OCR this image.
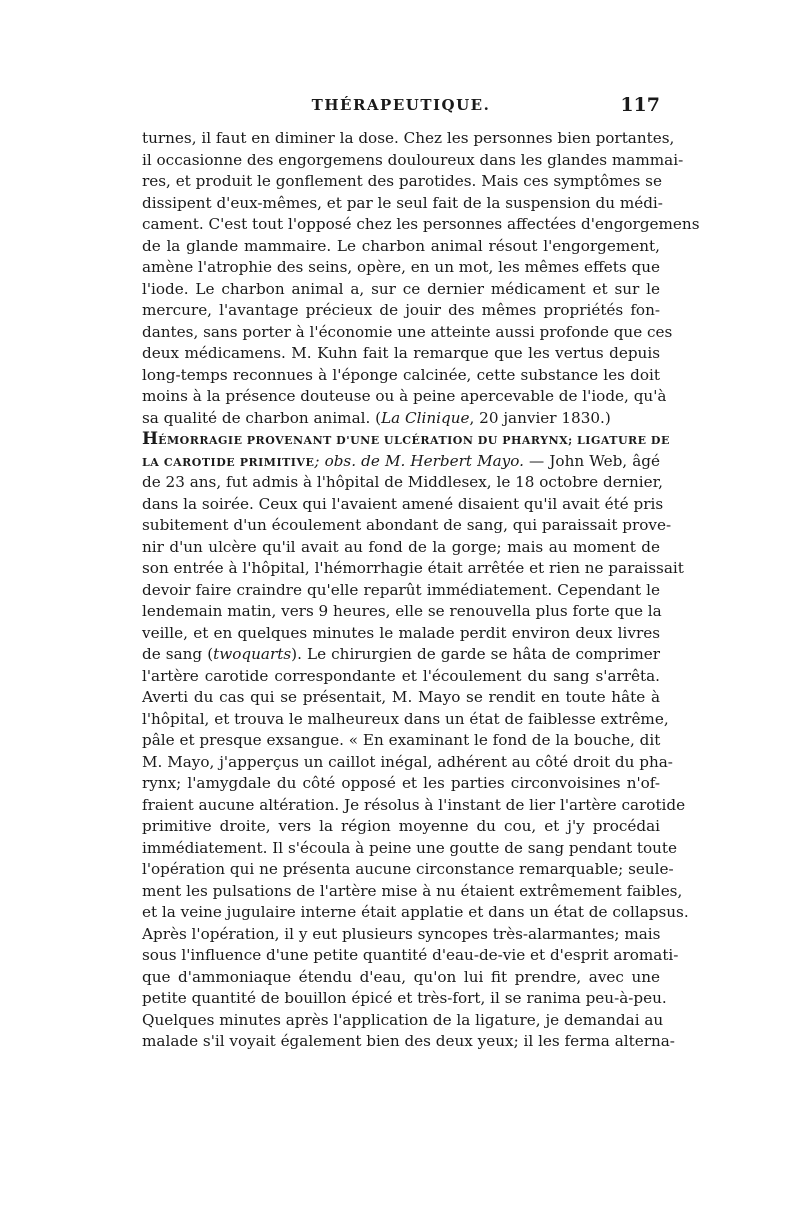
THÉRAPEUTIQUE.	117
turnes, il faut en diminer la dose. Chez les personnes bien portantes,
il occasionne des engorgemens douloureux dans les glandes mammai-
res, et produit le gonflement des parotides. Mais ces symptômes se
dissipent d'eux-mêmes, et par le seul fait de la suspension du médi-
cament. C'est tout l'opposé chez les personnes affectées d'engorgemens
de la glande mammaire. Le charbon animal résout l'engorgement,
amène l'atrophie des seins, opère, en un mot, les mêmes effets que
l'iode. Le charbon animal a, sur ce dernier médicament et sur le
mercure, l'avantage précieux de jouir des mêmes propriétés fon-
dantes, sans porter à l'économie une atteinte aussi profonde que ces
deux médicamens. M. Kuhn fait la remarque que les vertus depuis
long-temps reconnues à l'éponge calcinée, cette substance les doit
moins à la présence douteuse ou à peine apercevable de l'iode, qu'à
sa qualité de charbon animal. (La Clinique, 20 janvier 1830.)
HÉMORRAGIE PROVENANT D'UNE ULCÉRATION DU PHARYNX; LIGATURE DE
LA CAROTIDE PRIMITIVE; obs. de M. Herbert Mayo. — John Web, âgé
de 23 ans, fut admis à l'hôpital de Middlesex, le 18 octobre dernier,
dans la soirée. Ceux qui l'avaient amené disaient qu'il avait été pris
subitement d'un écoulement abondant de sang, qui paraissait prove-
nir d'un ulcère qu'il avait au fond de la gorge; mais au moment de
son entrée à l'hôpital, l'hémorrhagie était arrêtée et rien ne paraissait
devoir faire craindre qu'elle reparût immédiatement. Cependant le
lendemain matin, vers 9 heures, elle se renouvella plus forte que la
veille, et en quelques minutes le malade perdit environ deux livres
de sang (twoquarts). Le chirurgien de garde se hâta de comprimer
l'artère carotide correspondante et l'écoulement du sang s'arrêta.
Averti du cas qui se présentait, M. Mayo se rendit en toute hâte à
l'hôpital, et trouva le malheureux dans un état de faiblesse extrême,
pâle et presque exsangue. « En examinant le fond de la bouche, dit
M. Mayo, j'apperçus un caillot inégal, adhérent au côté droit du pha-
rynx; l'amygdale du côté opposé et les parties circonvoisines n'of-
fraient aucune altération. Je résolus à l'instant de lier l'artère carotide
primitive droite, vers la région moyenne du cou, et j'y procédai
immédiatement. Il s'écoula à peine une goutte de sang pendant toute
l'opération qui ne présenta aucune circonstance remarquable; seule-
ment les pulsations de l'artère mise à nu étaient extrêmement faibles,
et la veine jugulaire interne était applatie et dans un état de collapsus.
Après l'opération, il y eut plusieurs syncopes très-alarmantes; mais
sous l'influence d'une petite quantité d'eau-de-vie et d'esprit aromati-
que d'ammoniaque étendu d'eau, qu'on lui fit prendre, avec une
petite quantité de bouillon épicé et très-fort, il se ranima peu-à-peu.
Quelques minutes après l'application de la ligature, je demandai au
malade s'il voyait également bien des deux yeux; il les ferma alterna-
